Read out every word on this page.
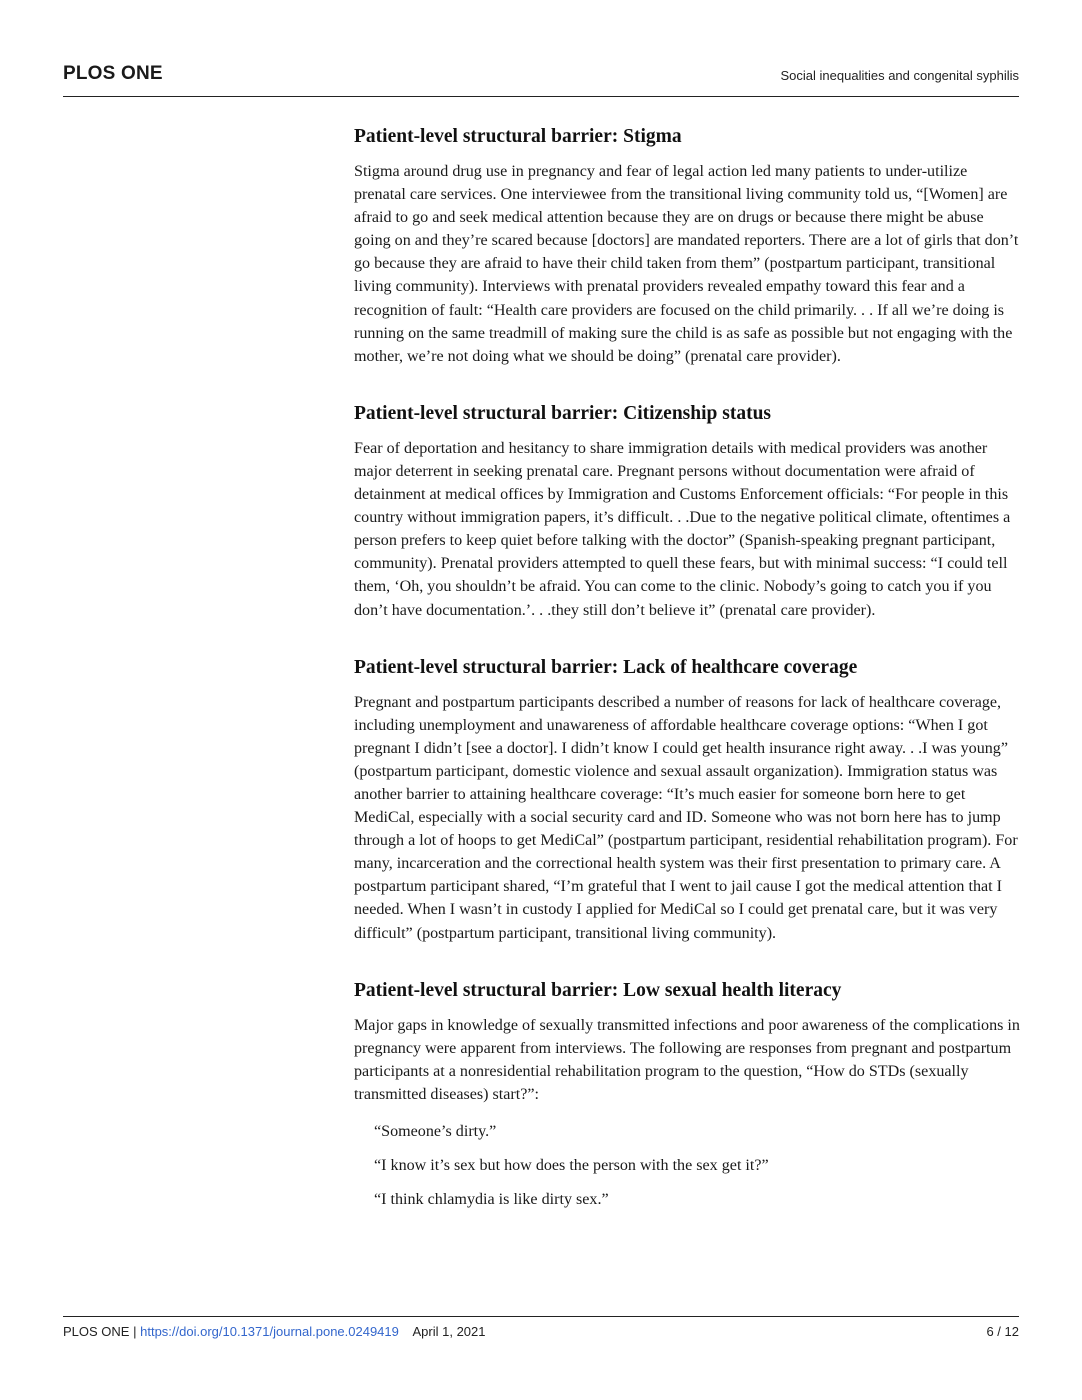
PLOS ONE	Social inequalities and congenital syphilis
Patient-level structural barrier: Stigma

Stigma around drug use in pregnancy and fear of legal action led many patients to under-utilize prenatal care services. One interviewee from the transitional living community told us, “[Women] are afraid to go and seek medical attention because they are on drugs or because there might be abuse going on and they’re scared because [doctors] are mandated reporters. There are a lot of girls that don’t go because they are afraid to have their child taken from them” (postpartum participant, transitional living community). Interviews with prenatal providers revealed empathy toward this fear and a recognition of fault: “Health care providers are focused on the child primarily. . . If all we’re doing is running on the same treadmill of making sure the child is as safe as possible but not engaging with the mother, we’re not doing what we should be doing” (prenatal care provider).

Patient-level structural barrier: Citizenship status

Fear of deportation and hesitancy to share immigration details with medical providers was another major deterrent in seeking prenatal care. Pregnant persons without documentation were afraid of detainment at medical offices by Immigration and Customs Enforcement officials: “For people in this country without immigration papers, it’s difficult. . .Due to the negative political climate, oftentimes a person prefers to keep quiet before talking with the doctor” (Spanish-speaking pregnant participant, community). Prenatal providers attempted to quell these fears, but with minimal success: “I could tell them, ‘Oh, you shouldn’t be afraid. You can come to the clinic. Nobody’s going to catch you if you don’t have documentation.’. . .they still don’t believe it” (prenatal care provider).

Patient-level structural barrier: Lack of healthcare coverage

Pregnant and postpartum participants described a number of reasons for lack of healthcare coverage, including unemployment and unawareness of affordable healthcare coverage options: “When I got pregnant I didn’t [see a doctor]. I didn’t know I could get health insurance right away. . .I was young” (postpartum participant, domestic violence and sexual assault organization). Immigration status was another barrier to attaining healthcare coverage: “It’s much easier for someone born here to get MediCal, especially with a social security card and ID. Someone who was not born here has to jump through a lot of hoops to get MediCal” (postpartum participant, residential rehabilitation program). For many, incarceration and the correctional health system was their first presentation to primary care. A postpartum participant shared, “I’m grateful that I went to jail cause I got the medical attention that I needed. When I wasn’t in custody I applied for MediCal so I could get prenatal care, but it was very difficult” (postpartum participant, transitional living community).

Patient-level structural barrier: Low sexual health literacy

Major gaps in knowledge of sexually transmitted infections and poor awareness of the complications in pregnancy were apparent from interviews. The following are responses from pregnant and postpartum participants at a nonresidential rehabilitation program to the question, “How do STDs (sexually transmitted diseases) start?”:

“Someone’s dirty.”

“I know it’s sex but how does the person with the sex get it?”

“I think chlamydia is like dirty sex.”

PLOS ONE | https://doi.org/10.1371/journal.pone.0249419 April 1, 2021	6 / 12
